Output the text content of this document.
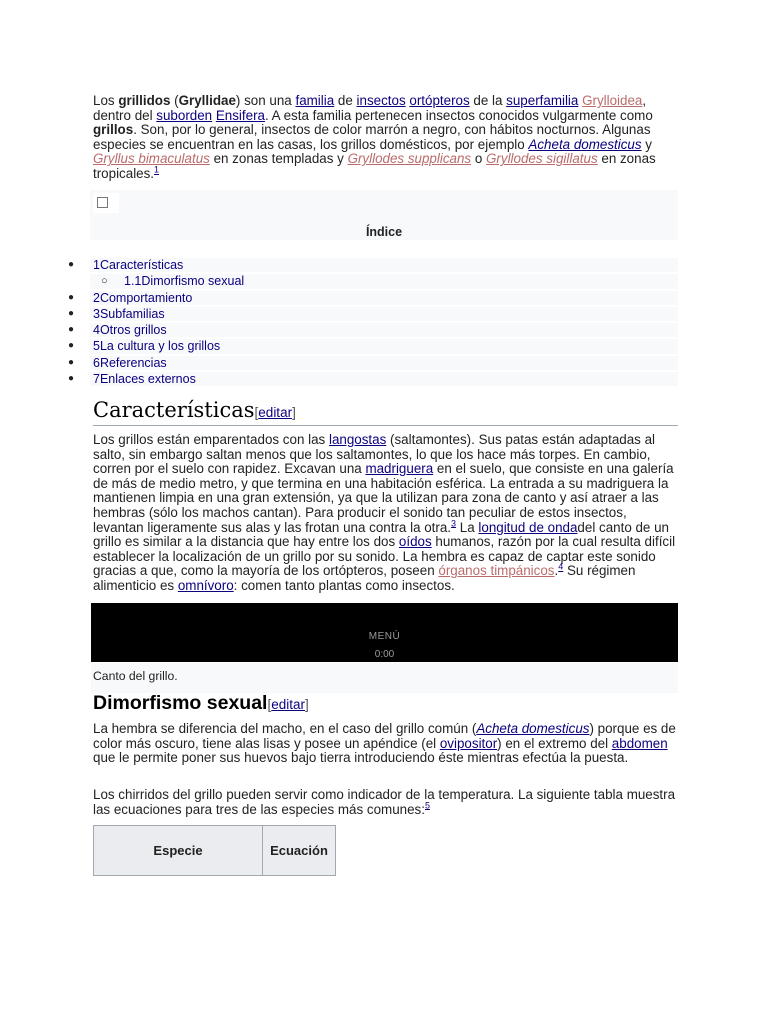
Los grillidos (Gryllidae) son una familia de insectos ortópteros de la superfamilia Grylloidea, dentro del suborden Ensifera. A esta familia pertenecen insectos conocidos vulgarmente como grillos. Son, por lo general, insectos de color marrón a negro, con hábitos nocturnos. Algunas especies se encuentran en las casas, los grillos domésticos, por ejemplo Acheta domesticus y Gryllus bimaculatus en zonas templadas y Gryllodes supplicans o Gryllodes sigillatus en zonas tropicales.$^1$

Índice
● 1Características
○ 1.1Dimorfismo sexual
● 2Comportamiento
● 3Subfamilias
● 4Otros grillos
● 5La cultura y los grillos
● 6Referencias
● 7Enlaces externos
Características[editar]

Los grillos están emparentados con las langostas (saltamontes). Sus patas están adaptadas al salto, sin embargo saltan menos que los saltamontes, lo que los hace más torpes. En cambio, corren por el suelo con rapidez. Excavan una madriguera en el suelo, que consiste en una galería de más de medio metro, y que termina en una habitación esférica. La entrada a su madriguera la mantienen limpia en una gran extensión, ya que la utilizan para zona de canto y así atraer a las hembras (sólo los machos cantan). Para producir el sonido tan peculiar de estos insectos, levantan ligeramente sus alas y las frotan una contra la otra.$^3$ La longitud de ondadel canto de un grillo es similar a la distancia que hay entre los dos oídos humanos, razón por la cual resulta difícil establecer la localización de un grillo por su sonido. La hembra es capaz de captar este sonido gracias a que, como la mayoría de los ortópteros, poseen órganos timpánicos.$^4$ Su régimen alimenticio es omnívoro: comen tanto plantas como insectos.

MENÚ
0:00
Canto del grillo.
Dimorfismo sexual[editar]

La hembra se diferencia del macho, en el caso del grillo común (Acheta domesticus) porque es de color más oscuro, tiene alas lisas y posee un apéndice (el ovipositor) en el extremo del abdomen que le permite poner sus huevos bajo tierra introduciendo éste mientras efectúa la puesta.

Los chirridos del grillo pueden servir como indicador de la temperatura. La siguiente tabla muestra las ecuaciones para tres de las especies más comunes:$^5$

Especie	Ecuación
